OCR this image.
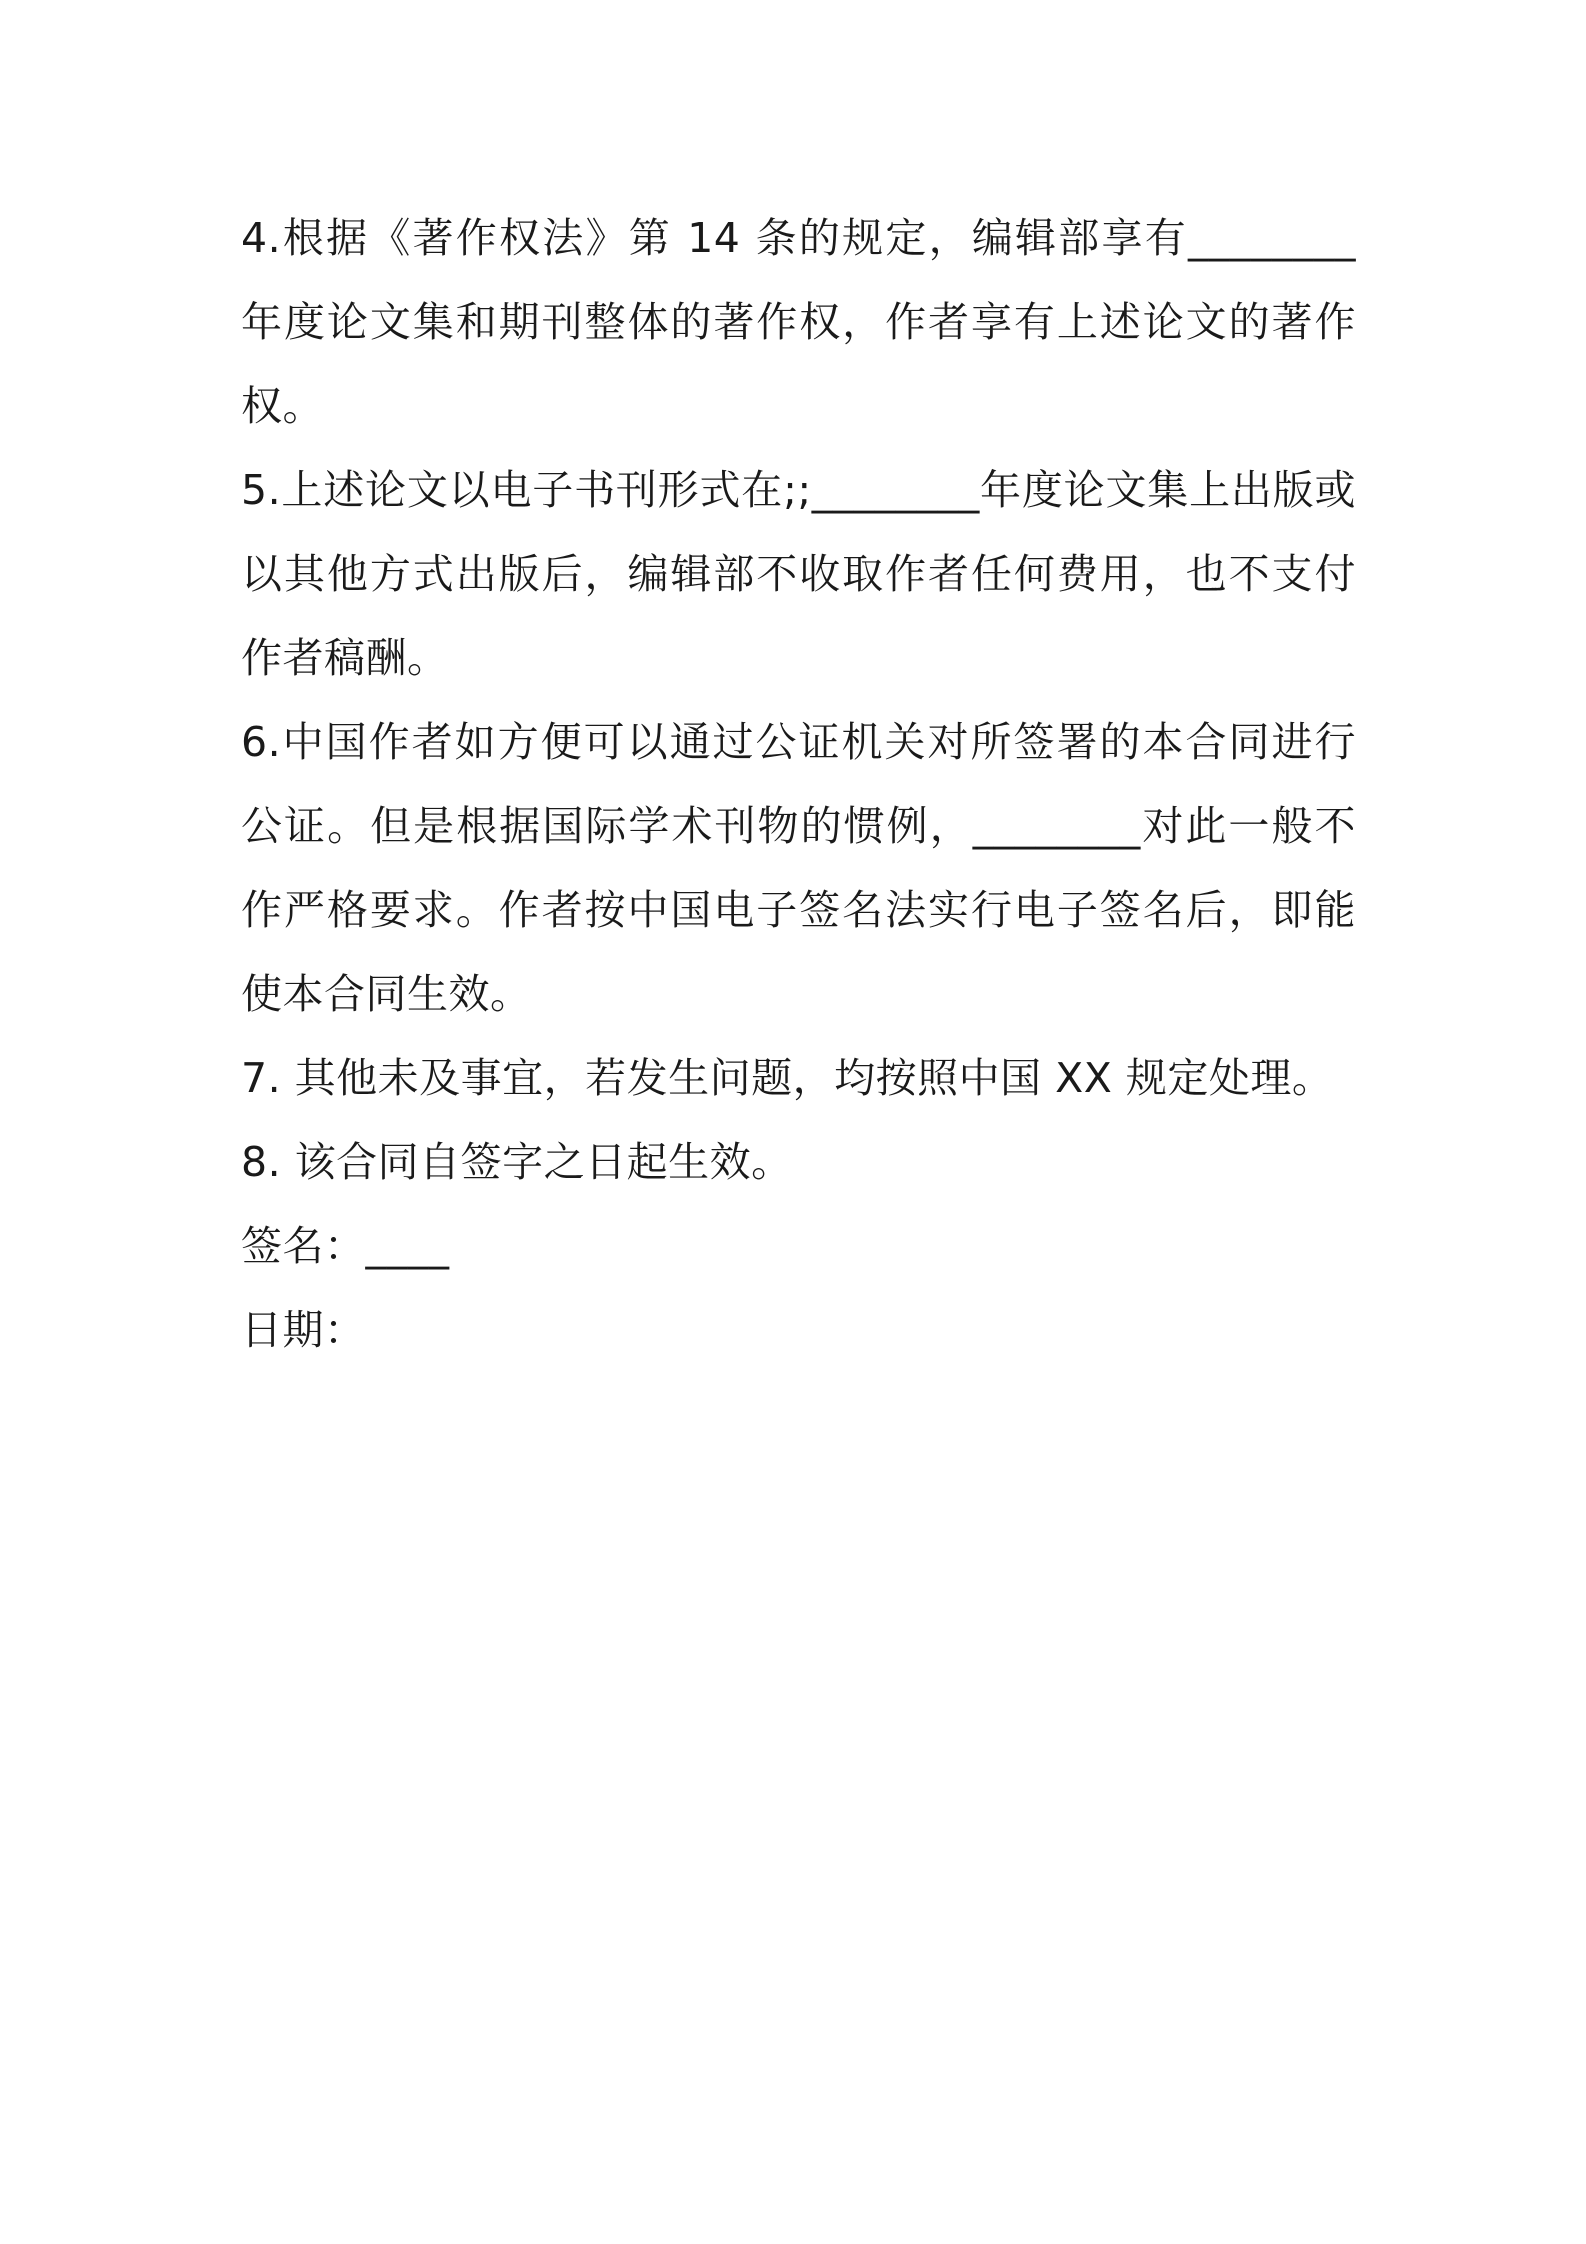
4.根据《著作权法》第 14 条的规定，编辑部享有________年度论文集和期刊整体的著作权，作者享有上述论文的著作权。

5.上述论文以电子书刊形式在;;________年度论文集上出版或以其他方式出版后，编辑部不收取作者任何费用，也不支付作者稿酬。

6.中国作者如方便可以通过公证机关对所签署的本合同进行公证。但是根据国际学术刊物的惯例，________对此一般不作严格要求。作者按中国电子签名法实行电子签名后，即能使本合同生效。

7. 其他未及事宜，若发生问题，均按照中国 XX 规定处理。

8. 该合同自签字之日起生效。

签名：____

日期：
